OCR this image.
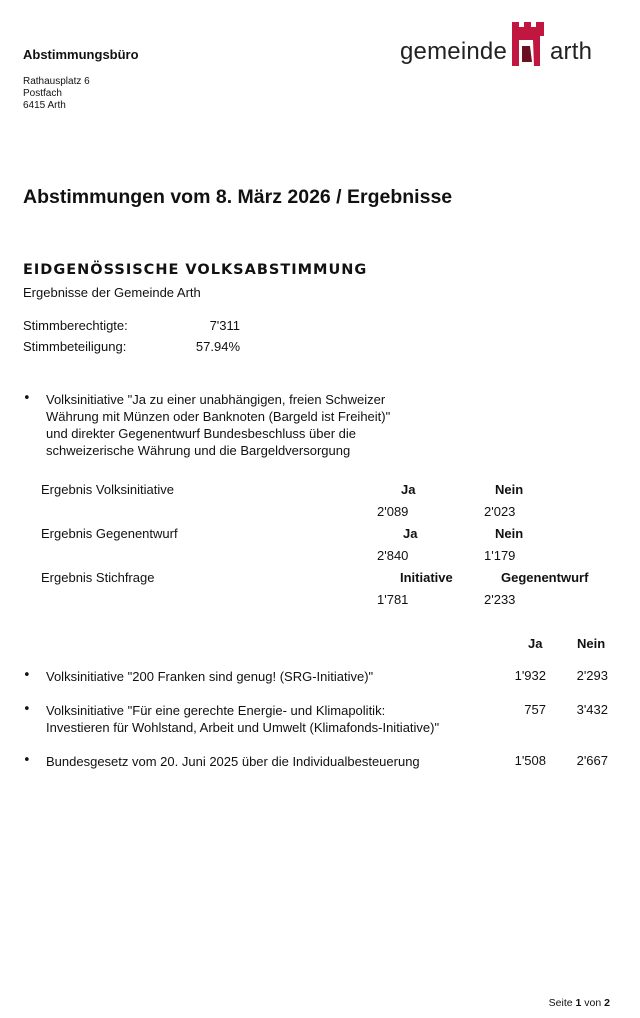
Abstimmungsbüro
Rathausplatz 6
Postfach
6415 Arth
gemeinde arth
Abstimmungen vom 8. März 2026 / Ergebnisse
EIDGENÖSSISCHE VOLKSABSTIMMUNG
Ergebnisse der Gemeinde Arth
Stimmberechtigte:	7'311
Stimmbeteiligung:	57.94%
• Volksinitiative "Ja zu einer unabhängigen, freien Schweizer
Währung mit Münzen oder Banknoten (Bargeld ist Freiheit)"
und direkter Gegenentwurf Bundesbeschluss über die
schweizerische Währung und die Bargeldversorgung
Ergebnis Volksinitiative	Ja	Nein
2'089	2'023
Ergebnis Gegenentwurf	Ja	Nein
2'840	1'179
Ergebnis Stichfrage	Initiative	Gegenentwurf
1'781	2'233
Ja	Nein
• Volksinitiative "200 Franken sind genug! (SRG-Initiative)"	1'932	2'293
• Volksinitiative "Für eine gerechte Energie- und Klimapolitik:
Investieren für Wohlstand, Arbeit und Umwelt (Klimafonds-Initiative)"
757	3'432
• Bundesgesetz vom 20. Juni 2025 über die Individualbesteuerung	1'508	2'667
Seite 1 von 2
